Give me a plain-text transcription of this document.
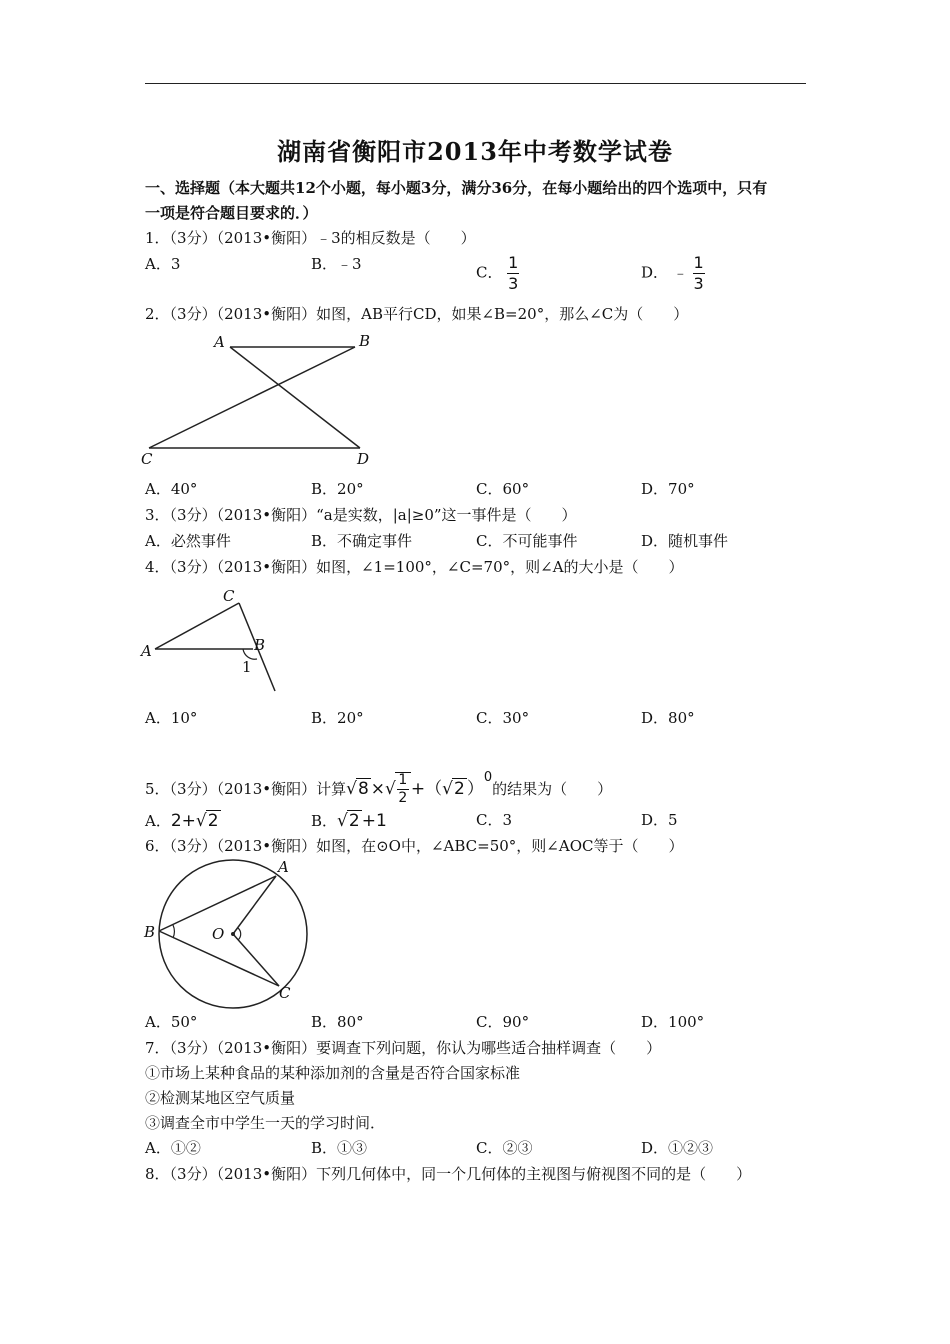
湖南省衡阳市2013年中考数学试卷
一、选择题（本大题共12个小题，每小题3分，满分36分，在每小题给出的四个选项中，只有
一项是符合题目要求的．）
1．（3分）（2013•衡阳）﹣3的相反数是（　　）
A．3	B．﹣3	C． $\frac{1}{3}$	D． ﹣ $\frac{1}{3}$
2．（3分）（2013•衡阳）如图，AB平行CD，如果∠B=20°，那么∠C为（　　）
A	B
C	D
A．40°	B．20°	C．60°	D．70°
3．（3分）（2013•衡阳）“a是实数，|a|≥0”这一事件是（　　）
A．必然事件	B．不确定事件	C．不可能事件	D．随机事件
4．（3分）（2013•衡阳）如图，∠1=100°，∠C=70°，则∠A的大小是（　　）
C
A	B
1
A．10°	B．20°	C．30°	D．80°
5．（3分）（2013•衡阳）计算√8 ×√ $\frac{1}{2} +(√2$ ）$^0$的结果为（　　）
A．2+√2	B．√2 +1	C．3	D．5
6．（3分）（2013•衡阳）如图，在⊙O中，∠ABC=50°，则∠AOC等于（　　）
A
B
C
O
A．50°	B．80°	C．90°	D．100°
7．（3分）（2013•衡阳）要调查下列问题，你认为哪些适合抽样调查（　　）
①市场上某种食品的某种添加剂的含量是否符合国家标准
②检测某地区空气质量
③调查全市中学生一天的学习时间．
A．①②	B．①③	C．②③	D．①②③
8．（3分）（2013•衡阳）下列几何体中，同一个几何体的主视图与俯视图不同的是（　　）
